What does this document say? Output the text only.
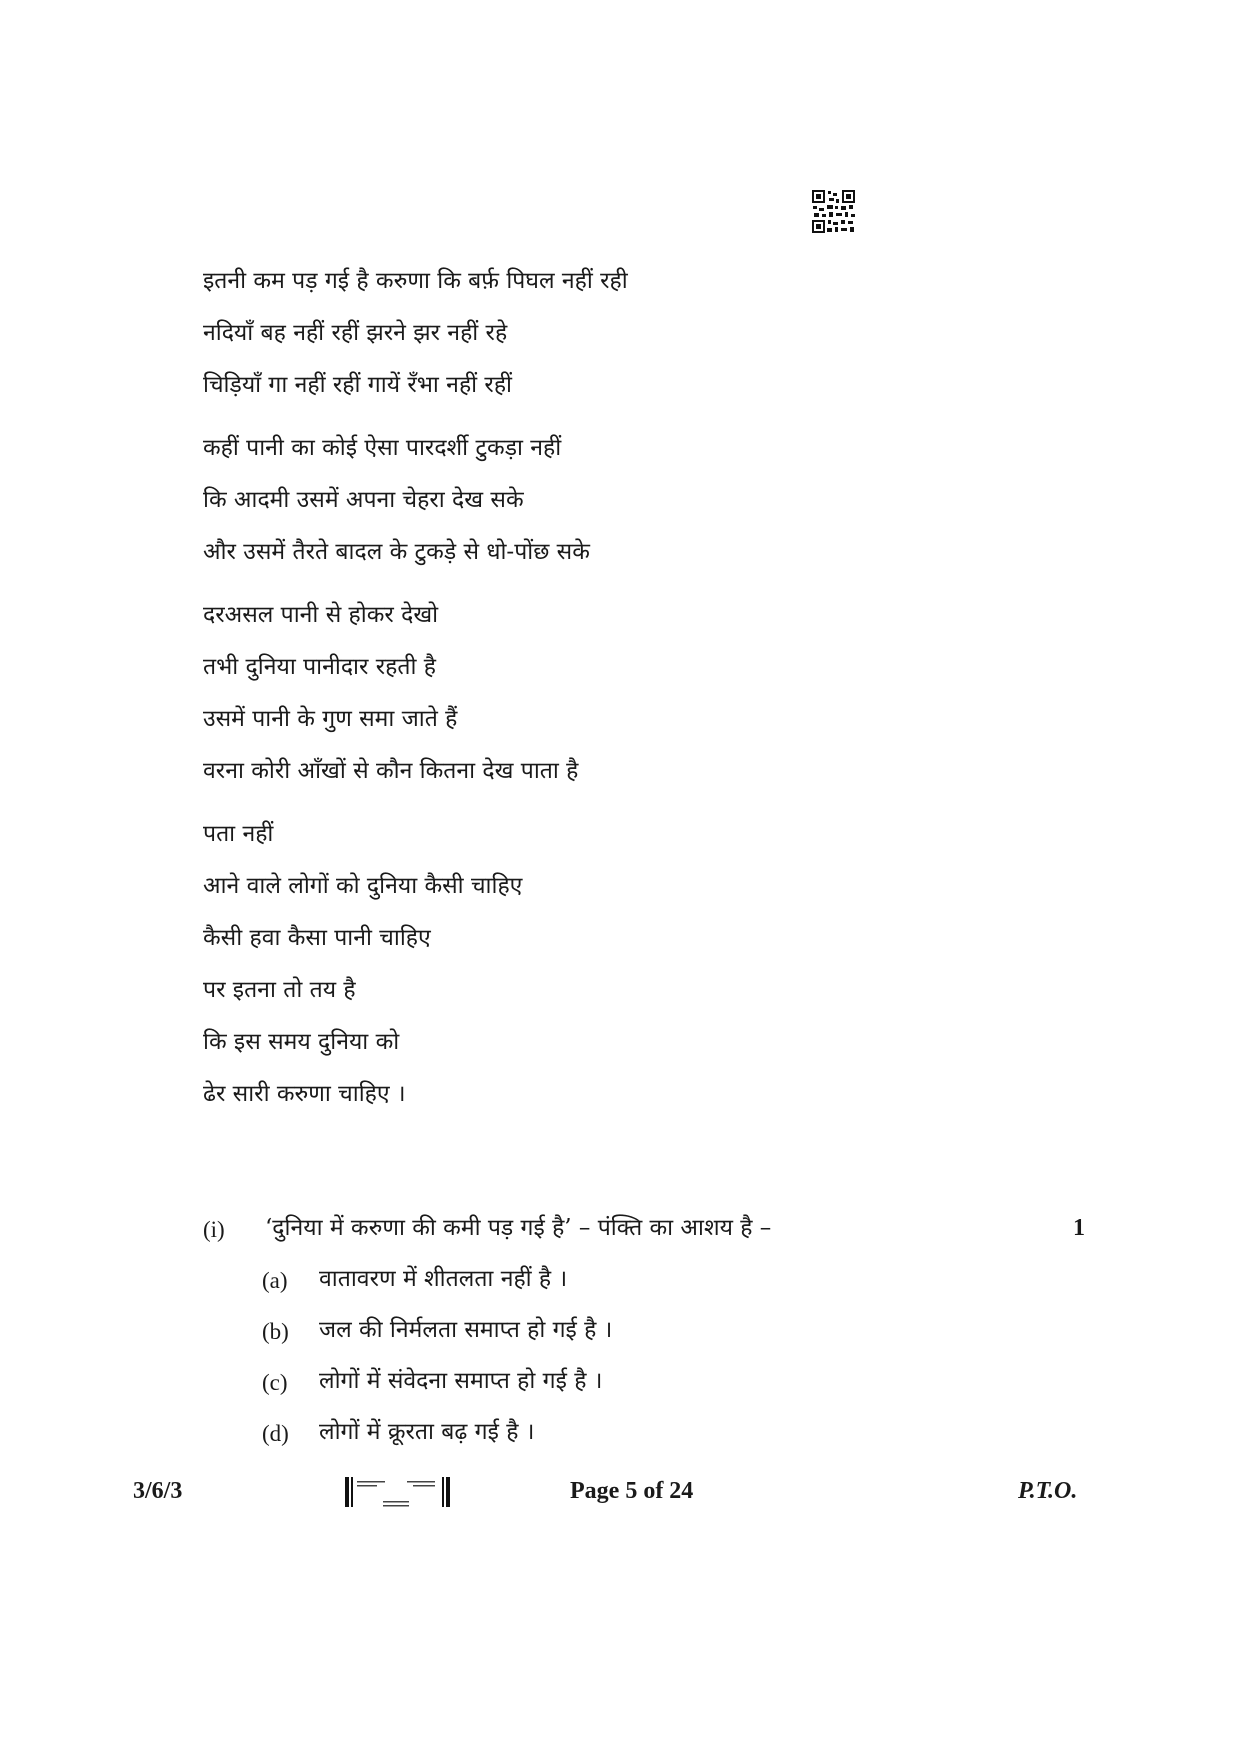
इतनी कम पड़ गई है करुणा कि बर्फ़ पिघल नहीं रही
नदियाँ बह नहीं रहीं झरने झर नहीं रहे
चिड़ियाँ गा नहीं रहीं गायें रँभा नहीं रहीं
कहीं पानी का कोई ऐसा पारदर्शी टुकड़ा नहीं
कि आदमी उसमें अपना चेहरा देख सके
और उसमें तैरते बादल के टुकड़े से धो-पोंछ सके
दरअसल पानी से होकर देखो
तभी दुनिया पानीदार रहती है
उसमें पानी के गुण समा जाते हैं
वरना कोरी आँखों से कौन कितना देख पाता है
पता नहीं
आने वाले लोगों को दुनिया कैसी चाहिए
कैसी हवा कैसा पानी चाहिए
पर इतना तो तय है
कि इस समय दुनिया को
ढेर सारी करुणा चाहिए ।
(i) ‘दुनिया में करुणा की कमी पड़ गई है’ – पंक्ति का आशय है –	1
(a) वातावरण में शीतलता नहीं है ।
(b) जल की निर्मलता समाप्त हो गई है ।
(c) लोगों में संवेदना समाप्त हो गई है ।
(d) लोगों में क्रूरता बढ़ गई है ।
3/6/3	Page 5 of 24	P.T.O.
